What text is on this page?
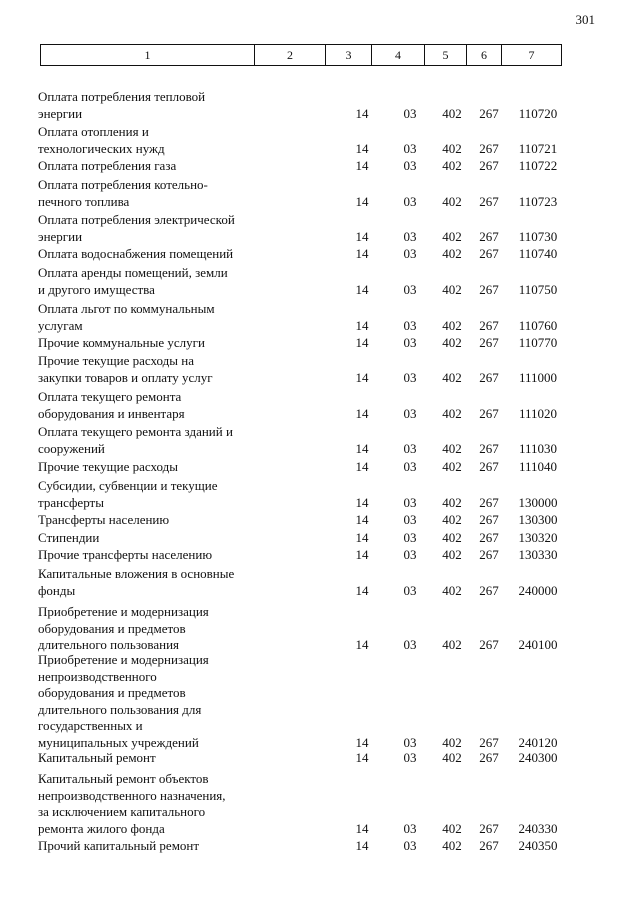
301
1	2	3	4	5	6	7
Оплата потребления тепловой
энергии	14	03	402	267	110720
Оплата отопления и
технологических нужд	14	03	402	267	110721
Оплата потребления газа	14	03	402	267	110722
Оплата потребления котельно-
печного топлива	14	03	402	267	110723
Оплата потребления электрической
энергии	14	03	402	267	110730
Оплата водоснабжения помещений	14	03	402	267	110740
Оплата аренды помещений, земли
и другого имущества	14	03	402	267	110750
Оплата льгот по коммунальным
услугам	14	03	402	267	110760
Прочие коммунальные услуги	14	03	402	267	110770
Прочие текущие расходы на
закупки товаров и оплату услуг	14	03	402	267	111000
Оплата текущего ремонта
оборудования и инвентаря	14	03	402	267	111020
Оплата текущего ремонта зданий и
сооружений	14	03	402	267	111030
Прочие текущие расходы	14	03	402	267	111040
Субсидии, субвенции и текущие
трансферты	14	03	402	267	130000
Трансферты населению	14	03	402	267	130300
Стипендии	14	03	402	267	130320
Прочие трансферты населению	14	03	402	267	130330
Капитальные вложения в основные
фонды	14	03	402	267	240000
Приобретение и модернизация
оборудования и предметов
длительного пользования	14	03	402	267	240100
Приобретение и модернизация
непроизводственного
оборудования и предметов
длительного пользования для
государственных и
муниципальных учреждений	14	03	402	267	240120
Капитальный ремонт	14	03	402	267	240300
Капитальный ремонт объектов
непроизводственного назначения,
за исключением капитального
ремонта жилого фонда	14	03	402	267	240330
Прочий капитальный ремонт	14	03	402	267	240350
